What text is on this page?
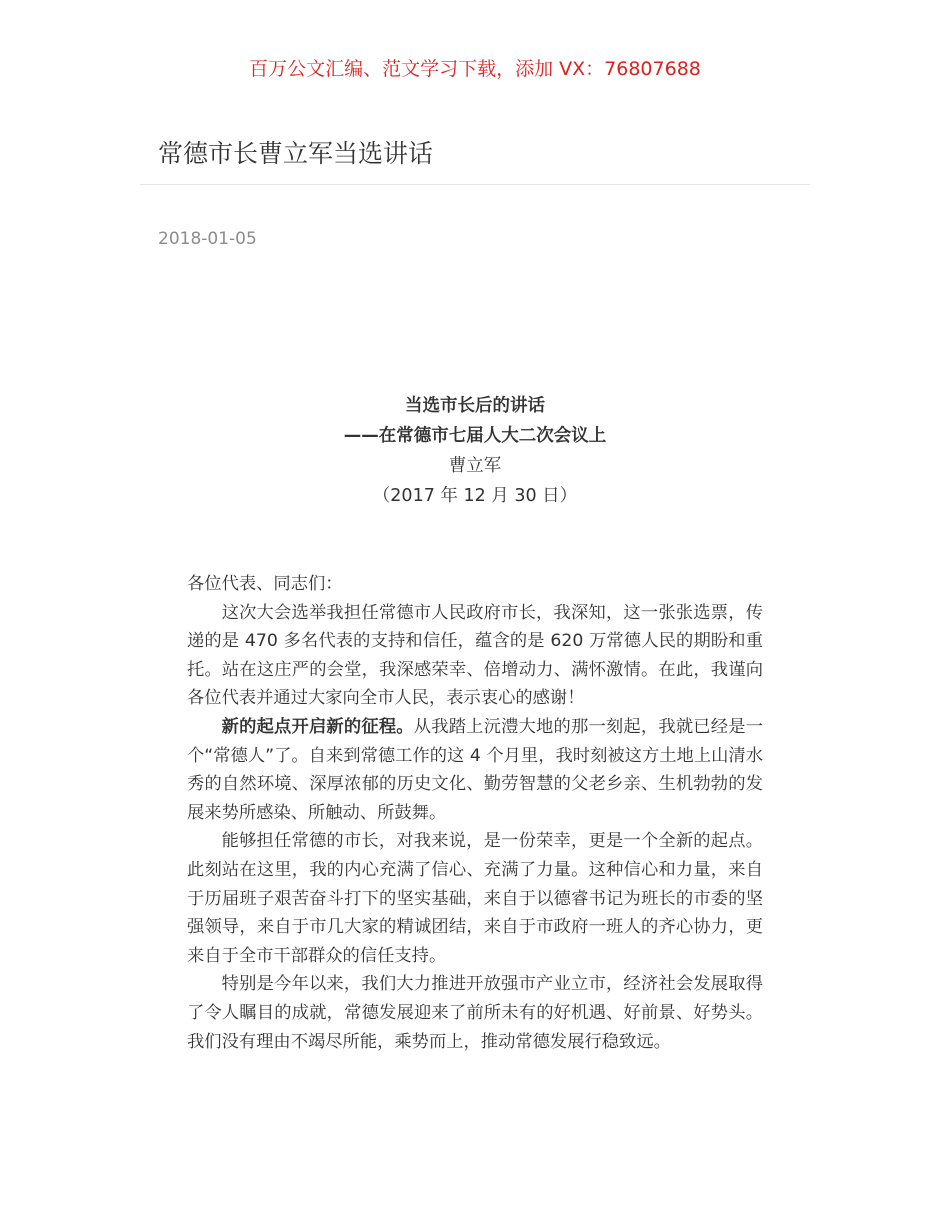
百万公文汇编、范文学习下载，添加 VX：76807688
常德市长曹立军当选讲话
2018-01-05
当选市长后的讲话
——在常德市七届人大二次会议上
曹立军
（2017 年 12 月 30 日）

各位代表、同志们：

这次大会选举我担任常德市人民政府市长，我深知，这一张张选票，传递的是 470 多名代表的支持和信任，蕴含的是 620 万常德人民的期盼和重托。站在这庄严的会堂，我深感荣幸、倍增动力、满怀激情。在此，我谨向各位代表并通过大家向全市人民，表示衷心的感谢！

新的起点开启新的征程。从我踏上沅澧大地的那一刻起，我就已经是一个“常德人”了。自来到常德工作的这 4 个月里，我时刻被这方土地上山清水秀的自然环境、深厚浓郁的历史文化、勤劳智慧的父老乡亲、生机勃勃的发展来势所感染、所触动、所鼓舞。

能够担任常德的市长，对我来说，是一份荣幸，更是一个全新的起点。此刻站在这里，我的内心充满了信心、充满了力量。这种信心和力量，来自于历届班子艰苦奋斗打下的坚实基础，来自于以德睿书记为班长的市委的坚强领导，来自于市几大家的精诚团结，来自于市政府一班人的齐心协力，更来自于全市干部群众的信任支持。

特别是今年以来，我们大力推进开放强市产业立市，经济社会发展取得了令人瞩目的成就，常德发展迎来了前所未有的好机遇、好前景、好势头。我们没有理由不竭尽所能，乘势而上，推动常德发展行稳致远。
